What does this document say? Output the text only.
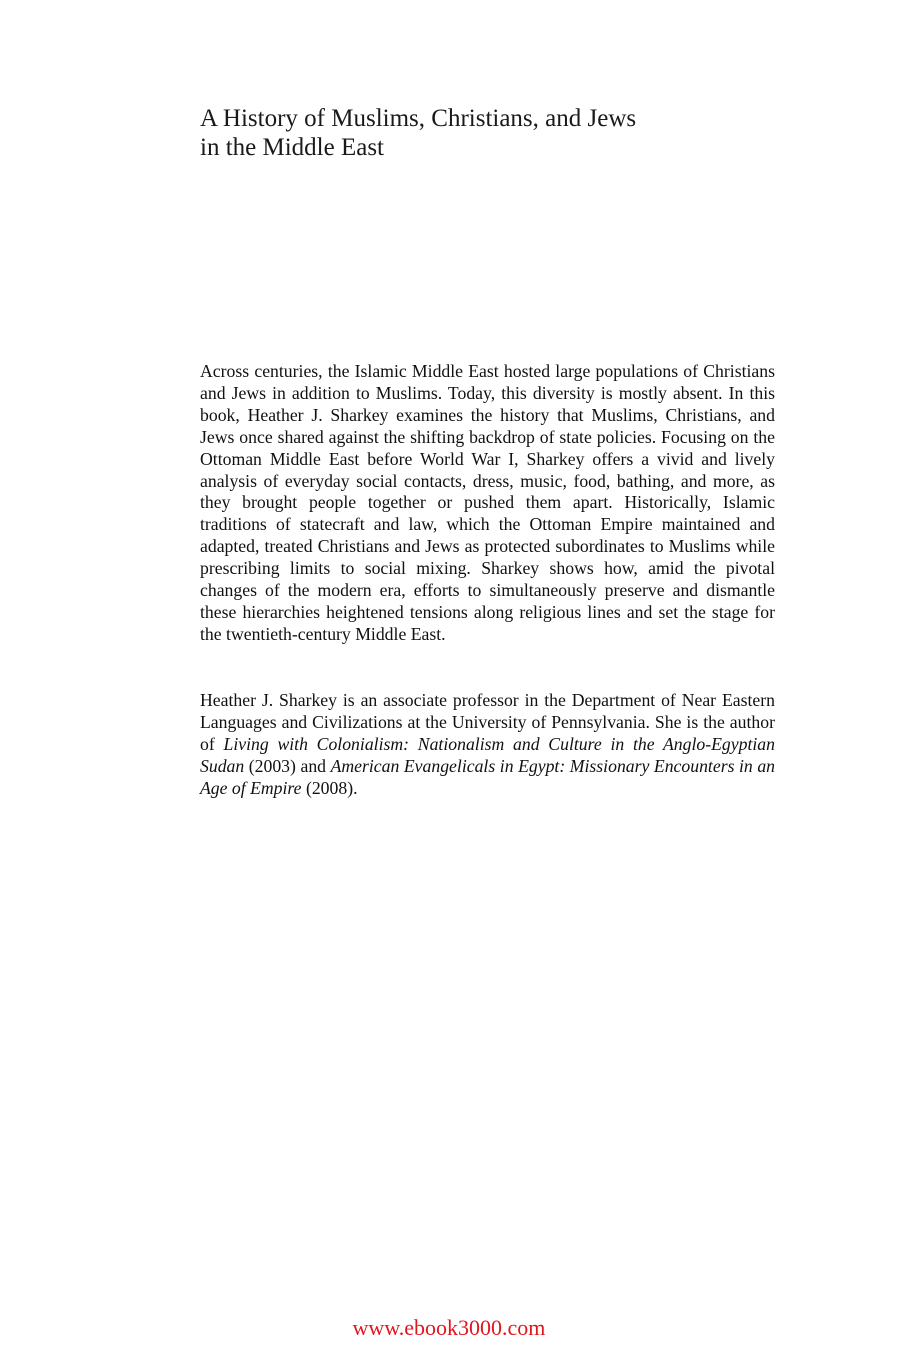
A History of Muslims, Christians, and Jews
in the Middle East

Across centuries, the Islamic Middle East hosted large populations of Christians and Jews in addition to Muslims. Today, this diversity is mostly absent. In this book, Heather J. Sharkey examines the history that Muslims, Christians, and Jews once shared against the shifting backdrop of state policies. Focusing on the Ottoman Middle East before World War I, Sharkey offers a vivid and lively analysis of everyday social contacts, dress, music, food, bathing, and more, as they brought people together or pushed them apart. Historically, Islamic traditions of statecraft and law, which the Ottoman Empire maintained and adapted, treated Christians and Jews as protected subordinates to Muslims while prescribing limits to social mixing. Sharkey shows how, amid the pivotal changes of the modern era, efforts to simultaneously preserve and dismantle these hierarchies heightened tensions along religious lines and set the stage for the twentieth-century Middle East.

Heather J. Sharkey is an associate professor in the Department of Near Eastern Languages and Civilizations at the University of Pennsylvania. She is the author of Living with Colonialism: Nationalism and Culture in the Anglo-Egyptian Sudan (2003) and American Evangelicals in Egypt: Missionary Encounters in an Age of Empire (2008).

www.ebook3000.com
